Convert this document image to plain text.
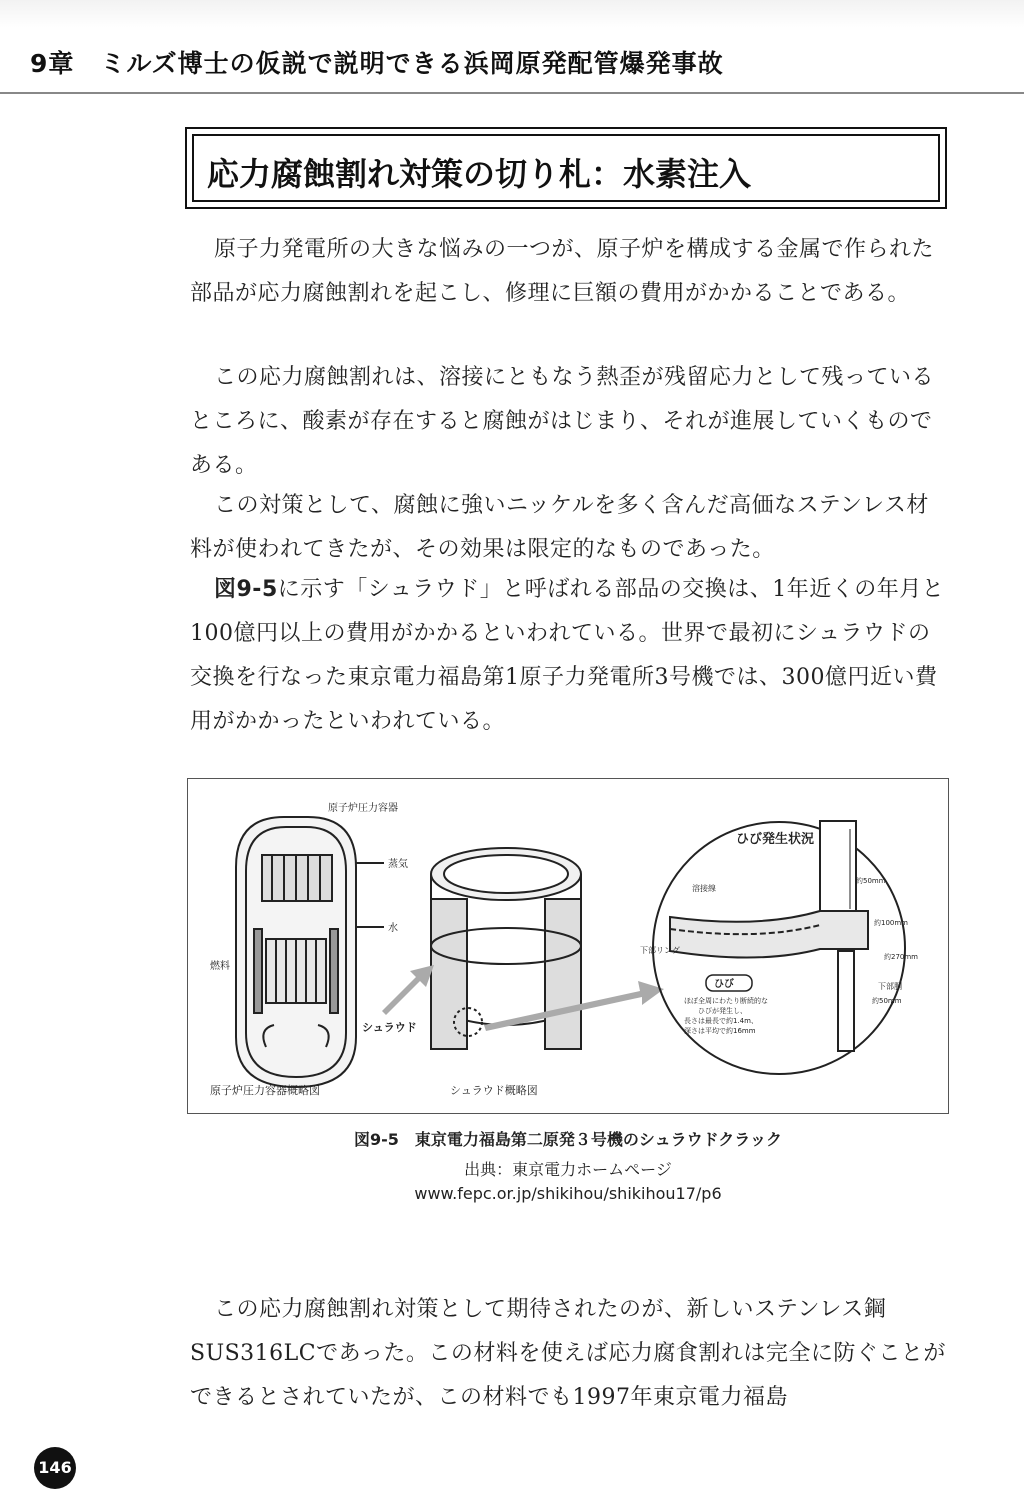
9章　ミルズ博士の仮説で説明できる浜岡原発配管爆発事故
応力腐蝕割れ対策の切り札：水素注入

原子力発電所の大きな悩みの一つが、原子炉を構成する金属で作られた部品が応力腐蝕割れを起こし、修理に巨額の費用がかかることである。

この応力腐蝕割れは、溶接にともなう熱歪が残留応力として残っているところに、酸素が存在すると腐蝕がはじまり、それが進展していくものである。

この対策として、腐蝕に強いニッケルを多く含んだ高価なステンレス材料が使われてきたが、その効果は限定的なものであった。

図9-5に示す「シュラウド」と呼ばれる部品の交換は、1年近くの年月と100億円以上の費用がかかるといわれている。世界で最初にシュラウドの交換を行なった東京電力福島第1原子力発電所3号機では、300億円近い費用がかかったといわれている。

原子炉圧力容器
蒸気
水
燃料
シュラウド
原子炉圧力容器概略図	シュラウド概略図
ひび発生状況
溶接線
下部リング
ひび
ほぼ全周にわたり断続的な
ひびが発生し、
長さは最長で約1.4m、
深さは平均で約16mm
約50mm
約100mm
約270mm
下部胴
約50mm
図9-5　東京電力福島第二原発３号機のシュラウドクラック
出典：東京電力ホームページ
www.fepc.or.jp/shikihou/shikihou17/p6

この応力腐蝕割れ対策として期待されたのが、新しいステンレス鋼SUS316LCであった。この材料を使えば応力腐食割れは完全に防ぐことができるとされていたが、この材料でも1997年東京電力福島

146
